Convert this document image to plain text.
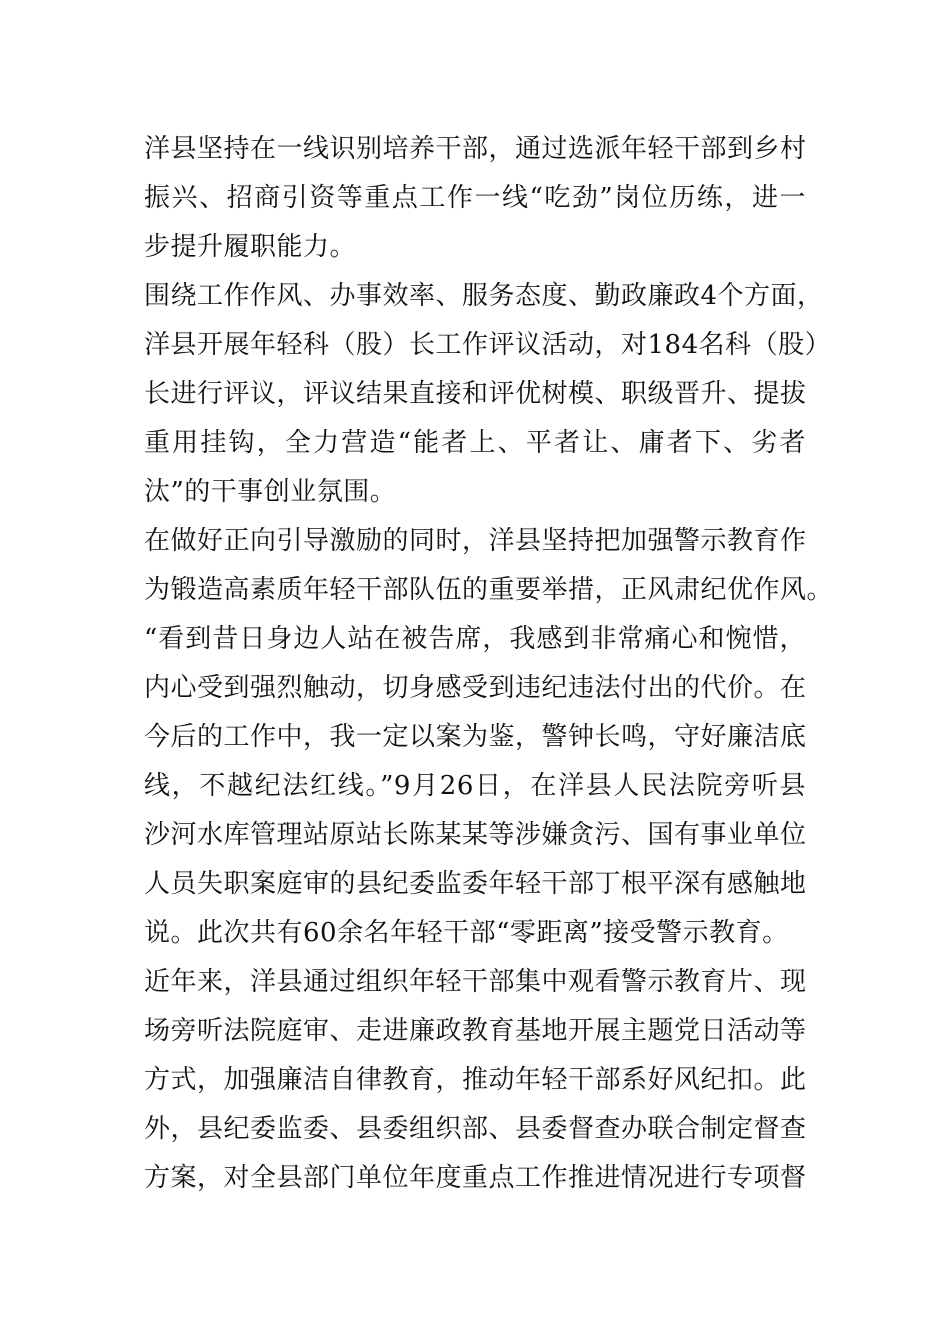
洋县坚持在一线识别培养干部，通过选派年轻干部到乡村
振兴、招商引资等重点工作一线“吃劲”岗位历练，进一
步提升履职能力。
围绕工作作风、办事效率、服务态度、勤政廉政4个方面，
洋县开展年轻科（股）长工作评议活动，对184名科（股）
长进行评议，评议结果直接和评优树模、职级晋升、提拔
重用挂钩，全力营造“能者上、平者让、庸者下、劣者
汰”的干事创业氛围。
在做好正向引导激励的同时，洋县坚持把加强警示教育作
为锻造高素质年轻干部队伍的重要举措，正风肃纪优作风。
“看到昔日身边人站在被告席，我感到非常痛心和惋惜，
内心受到强烈触动，切身感受到违纪违法付出的代价。在
今后的工作中，我一定以案为鉴，警钟长鸣，守好廉洁底
线，不越纪法红线。”9月26日，在洋县人民法院旁听县
沙河水库管理站原站长陈某某等涉嫌贪污、国有事业单位
人员失职案庭审的县纪委监委年轻干部丁根平深有感触地
说。此次共有60余名年轻干部“零距离”接受警示教育。
近年来，洋县通过组织年轻干部集中观看警示教育片、现
场旁听法院庭审、走进廉政教育基地开展主题党日活动等
方式，加强廉洁自律教育，推动年轻干部系好风纪扣。此
外，县纪委监委、县委组织部、县委督查办联合制定督查
方案，对全县部门单位年度重点工作推进情况进行专项督
